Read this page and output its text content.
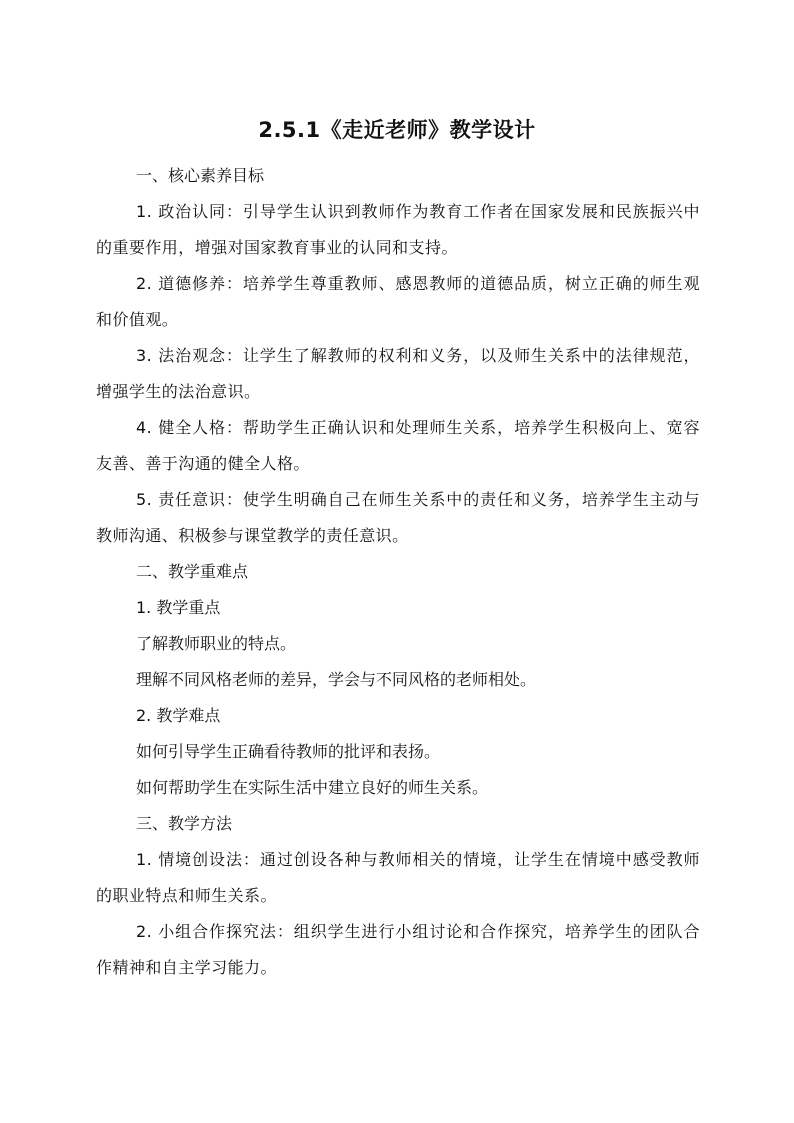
2.5.1《走近老师》教学设计

一、核心素养目标

1. 政治认同：引导学生认识到教师作为教育工作者在国家发展和民族振兴中的重要作用，增强对国家教育事业的认同和支持。

2. 道德修养：培养学生尊重教师、感恩教师的道德品质，树立正确的师生观和价值观。

3. 法治观念：让学生了解教师的权利和义务，以及师生关系中的法律规范，增强学生的法治意识。

4. 健全人格：帮助学生正确认识和处理师生关系，培养学生积极向上、宽容友善、善于沟通的健全人格。

5. 责任意识：使学生明确自己在师生关系中的责任和义务，培养学生主动与教师沟通、积极参与课堂教学的责任意识。

二、教学重难点

1. 教学重点

了解教师职业的特点。

理解不同风格老师的差异，学会与不同风格的老师相处。

2. 教学难点

如何引导学生正确看待教师的批评和表扬。

如何帮助学生在实际生活中建立良好的师生关系。

三、教学方法

1. 情境创设法：通过创设各种与教师相关的情境，让学生在情境中感受教师的职业特点和师生关系。

2. 小组合作探究法：组织学生进行小组讨论和合作探究，培养学生的团队合作精神和自主学习能力。
